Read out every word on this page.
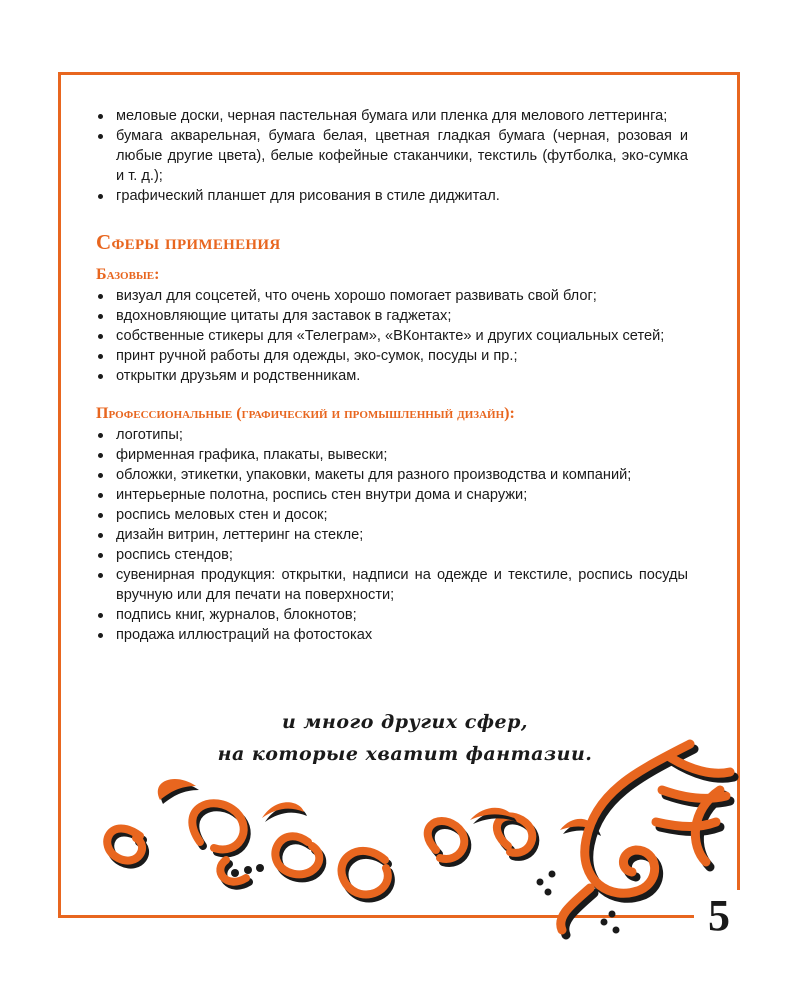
меловые доски, черная пастельная бумага или пленка для мелового леттеринга;
бумага акварельная, бумага белая, цветная гладкая бумага (черная, розовая и любые другие цвета), белые кофейные стаканчики, текстиль (футболка, эко-сумка и т. д.);
графический планшет для рисования в стиле диджитал.
Сферы применения
Базовые:
визуал для соцсетей, что очень хорошо помогает развивать свой блог;
вдохновляющие цитаты для заставок в гаджетах;
собственные стикеры для «Телеграм», «ВКонтакте» и других социальных сетей;
принт ручной работы для одежды, эко-сумок, посуды и пр.;
открытки друзьям и родственникам.
Профессиональные (графический и промышленный дизайн):
логотипы;
фирменная графика, плакаты, вывески;
обложки, этикетки, упаковки, макеты для разного производства и компаний;
интерьерные полотна, роспись стен внутри дома и снаружи;
роспись меловых стен и досок;
дизайн витрин, леттеринг на стекле;
роспись стендов;
сувенирная продукция: открытки, надписи на одежде и текстиле, роспись посуды вручную или для печати на поверхности;
подпись книг, журналов, блокнотов;
продажа иллюстраций на фотостоках
и много других сфер,
на которые хватит фантазии.
5
